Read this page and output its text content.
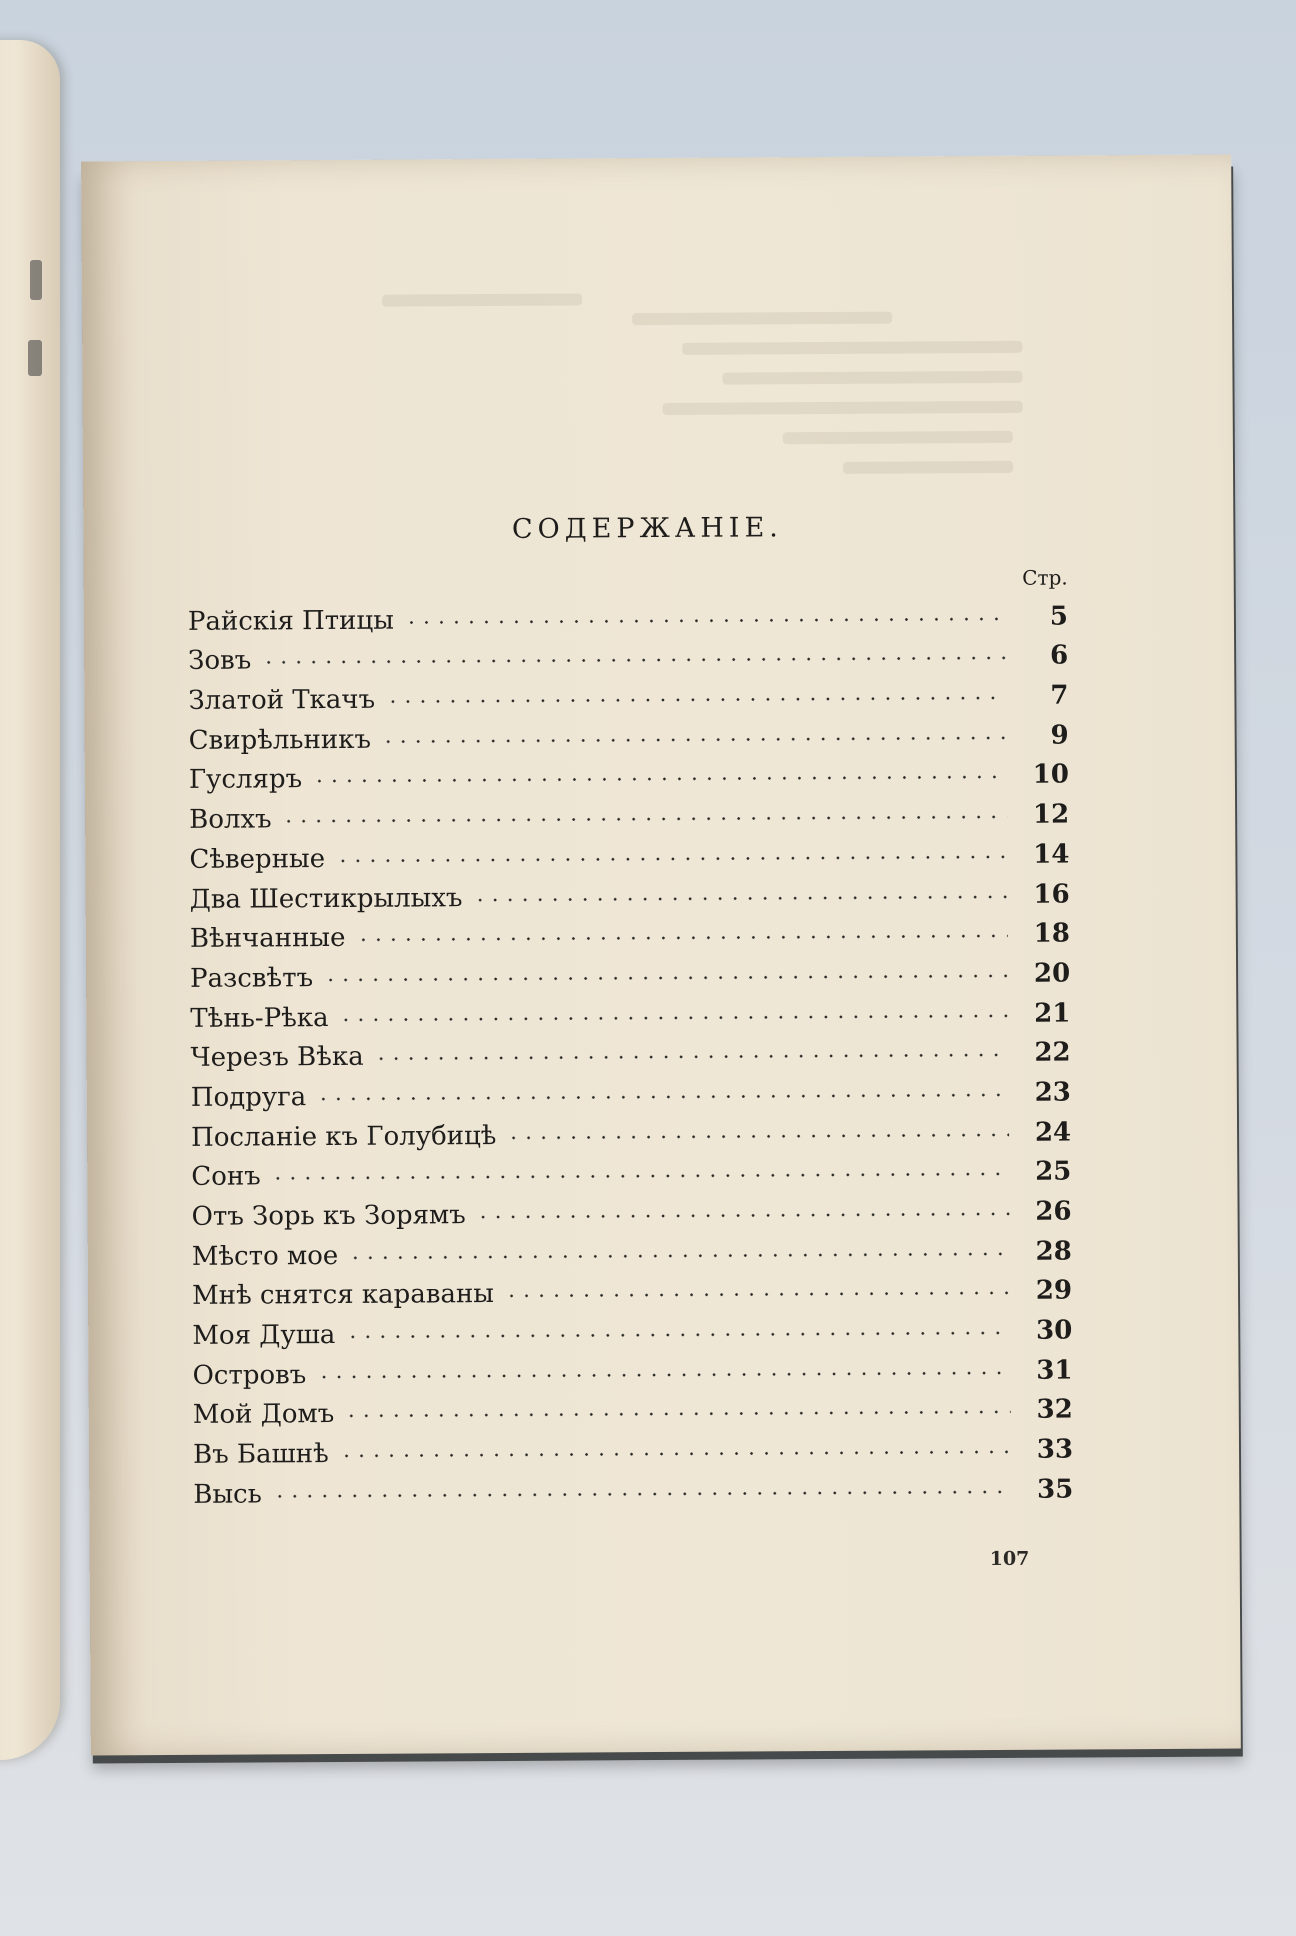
СОДЕРЖАНІЕ.
Стр.
Райскія Птицы	5
Зовъ	6
Златой Ткачъ	7
Свирѣльникъ	9
Гусляръ	10
Волхъ	12
Сѣверные	14
Два Шестикрылыхъ	16
Вѣнчанные	18
Разсвѣтъ	20
Тѣнь-Рѣка	21
Черезъ Вѣка	22
Подруга	23
Посланіе къ Голубицѣ	24
Сонъ	25
Отъ Зорь къ Зорямъ	26
Мѣсто мое	28
Мнѣ снятся караваны	29
Моя Душа	30
Островъ	31
Мой Домъ	32
Въ Башнѣ	33
Высь	35
107
